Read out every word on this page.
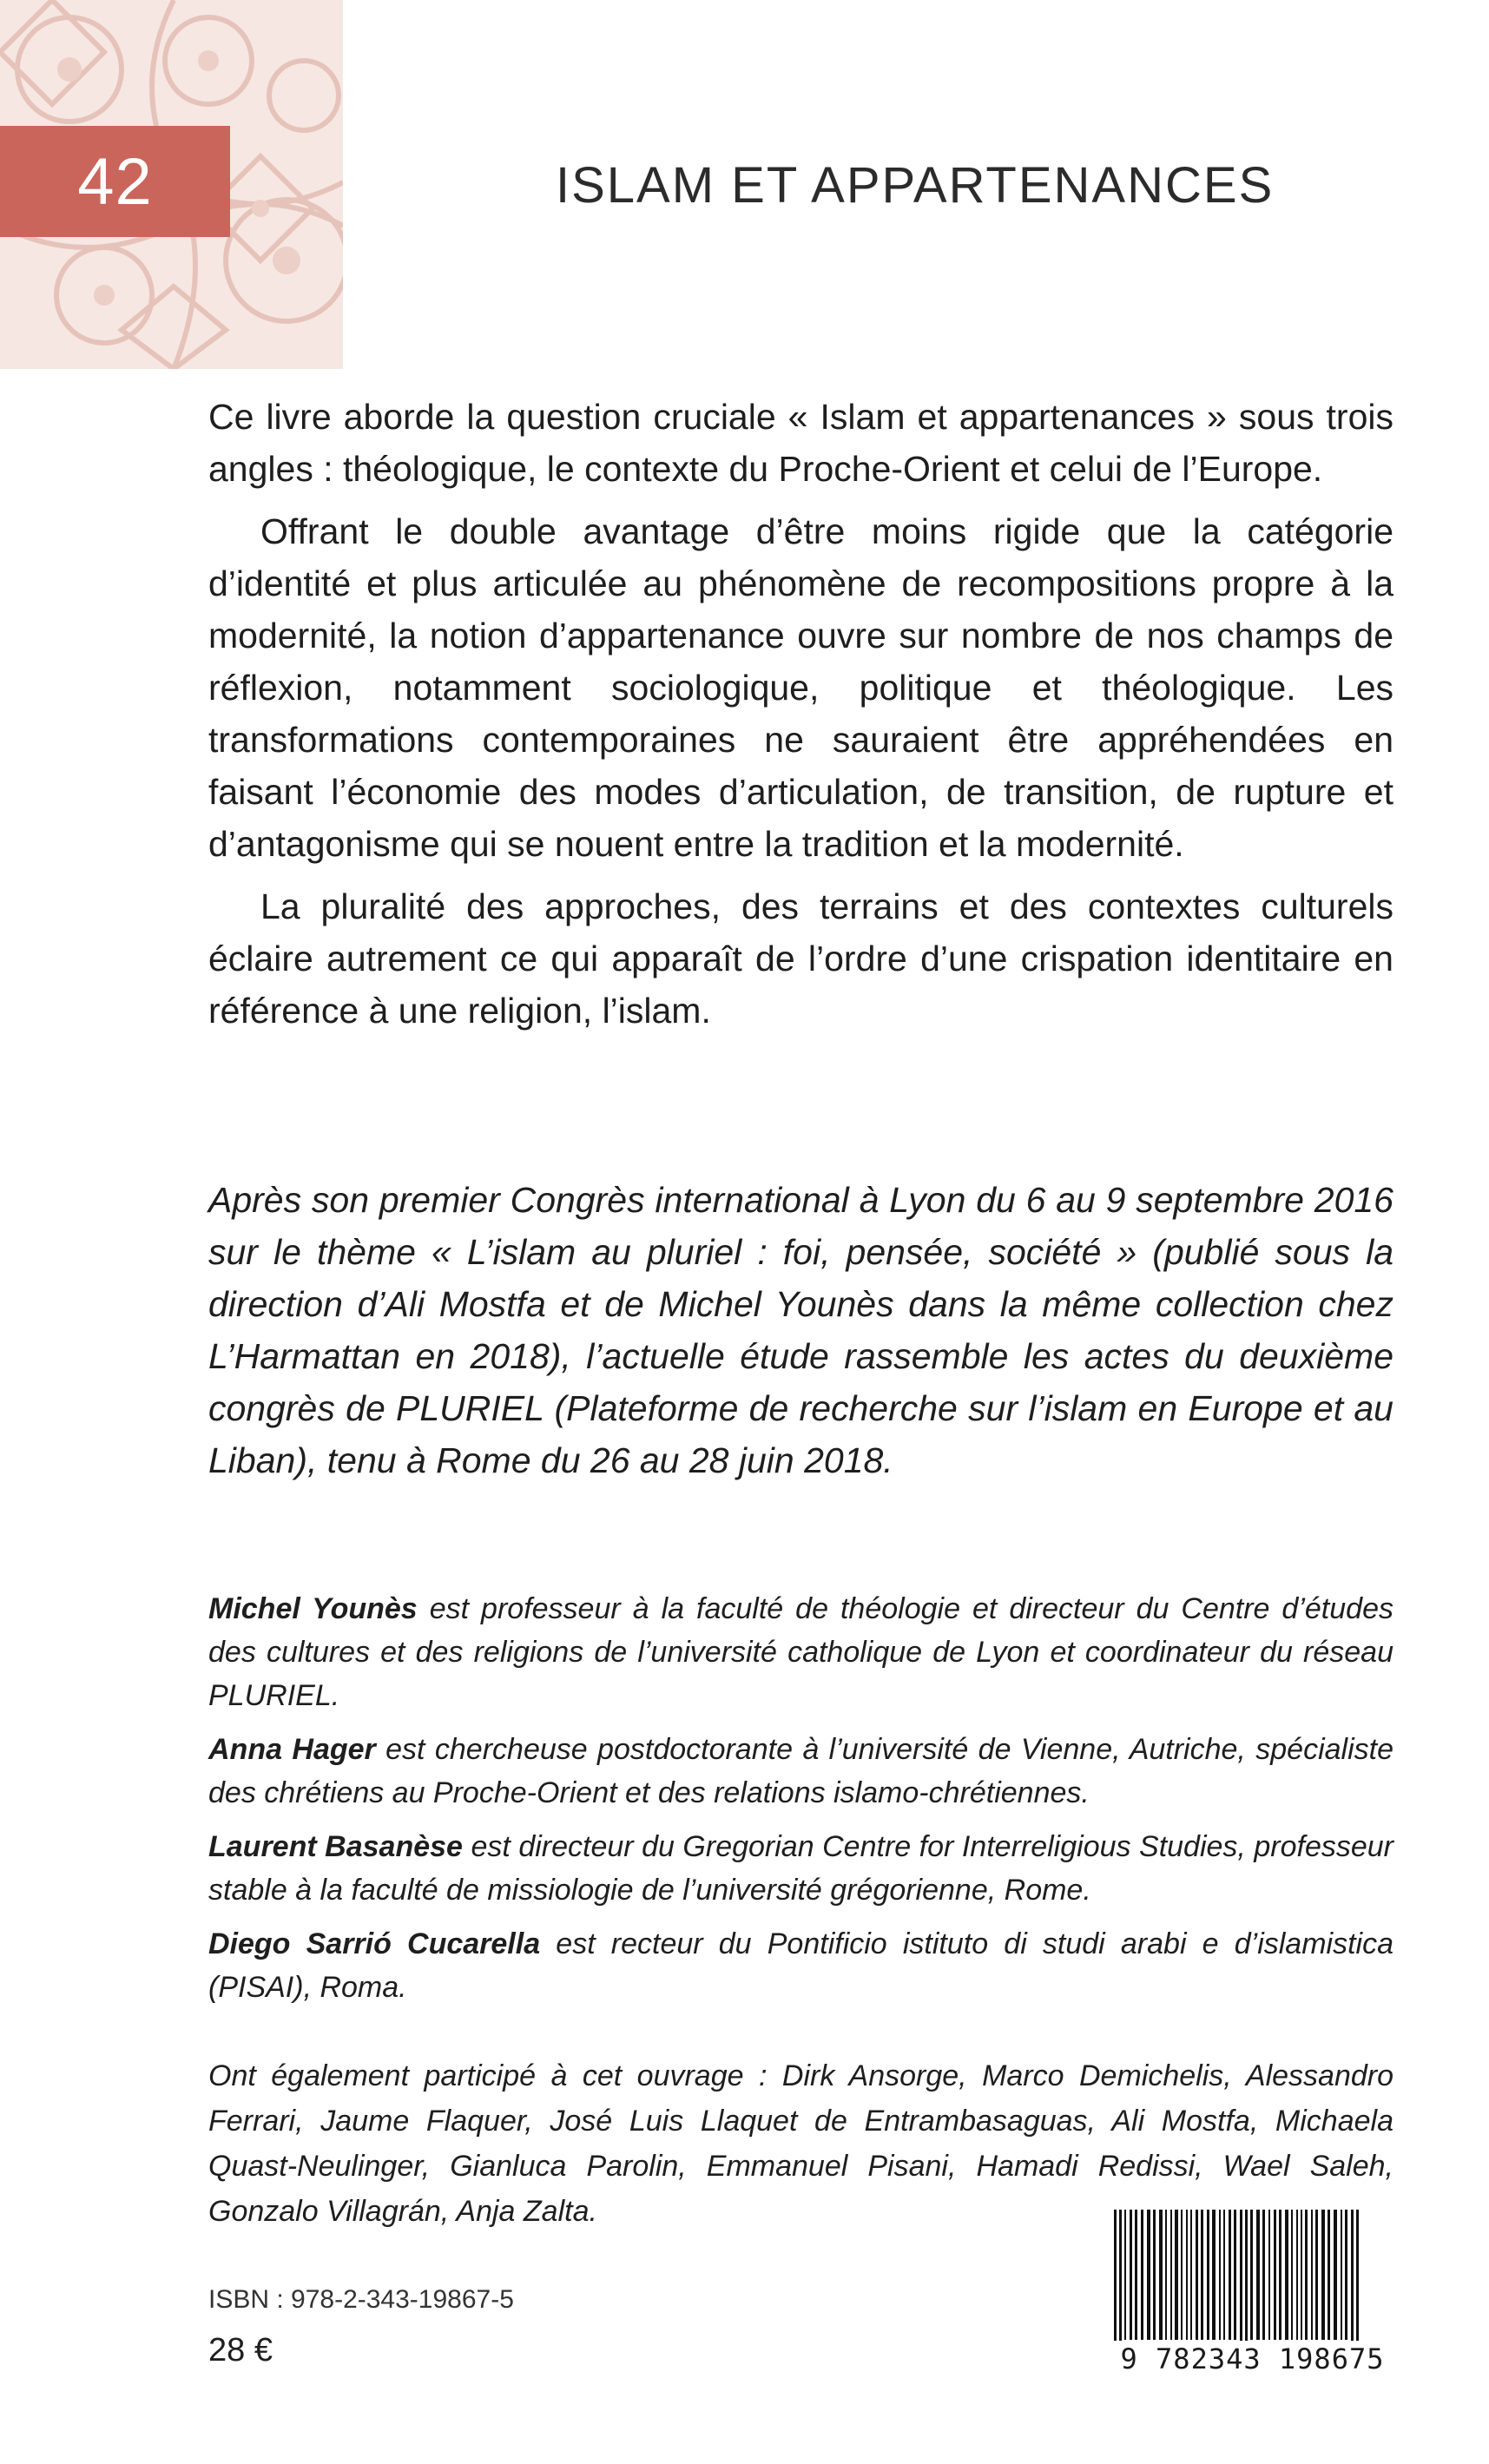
42	ISLAM ET APPARTENANCES

Ce livre aborde la question cruciale « Islam et appartenances » sous trois angles : théologique, le contexte du Proche-Orient et celui de l’Europe.

Offrant le double avantage d’être moins rigide que la catégorie d’identité et plus articulée au phénomène de recompositions propre à la modernité, la notion d’appartenance ouvre sur nombre de nos champs de réflexion, notamment sociologique, politique et théologique. Les transformations contemporaines ne sauraient être appréhendées en faisant l’économie des modes d’articulation, de transition, de rupture et d’antagonisme qui se nouent entre la tradition et la modernité.

La pluralité des approches, des terrains et des contextes culturels éclaire autrement ce qui apparaît de l’ordre d’une crispation identitaire en référence à une religion, l’islam.

Après son premier Congrès international à Lyon du 6 au 9 septembre 2016 sur le thème « L’islam au pluriel : foi, pensée, société » (publié sous la direction d’Ali Mostfa et de Michel Younès dans la même collection chez L’Harmattan en 2018), l’actuelle étude rassemble les actes du deuxième congrès de PLURIEL (Plateforme de recherche sur l’islam en Europe et au Liban), tenu à Rome du 26 au 28 juin 2018.

Michel Younès est professeur à la faculté de théologie et directeur du Centre d’études des cultures et des religions de l’université catholique de Lyon et coordinateur du réseau PLURIEL.

Anna Hager est chercheuse postdoctorante à l’université de Vienne, Autriche, spécialiste des chrétiens au Proche-Orient et des relations islamo-chrétiennes.

Laurent Basanèse est directeur du Gregorian Centre for Interreligious Studies, professeur stable à la faculté de missiologie de l’université grégorienne, Rome.

Diego Sarrió Cucarella est recteur du Pontificio istituto di studi arabi e d’islamistica (PISAI), Roma.

Ont également participé à cet ouvrage : Dirk Ansorge, Marco Demichelis, Alessandro Ferrari, Jaume Flaquer, José Luis Llaquet de Entrambasaguas, Ali Mostfa, Michaela Quast-Neulinger, Gianluca Parolin, Emmanuel Pisani, Hamadi Redissi, Wael Saleh, Gonzalo Villagrán, Anja Zalta.
ISBN : 978-2-343-19867-5
28 €	9 782343 198675
